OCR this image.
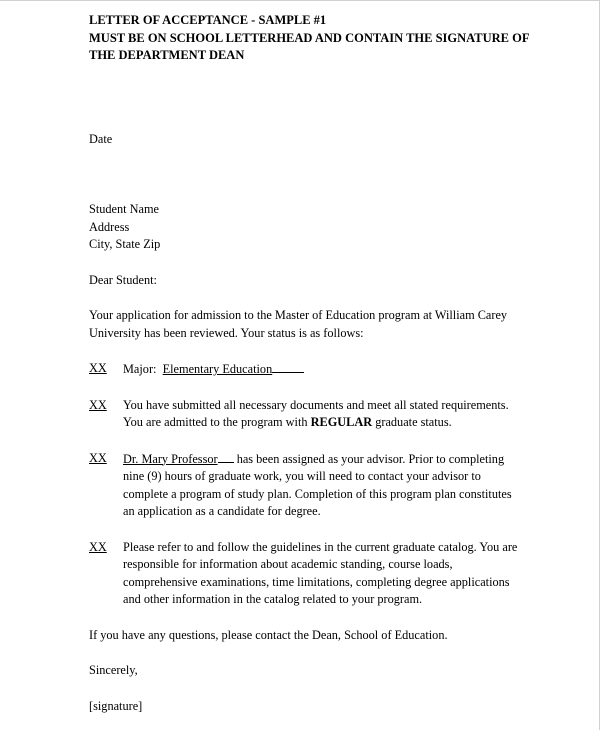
LETTER OF ACCEPTANCE - SAMPLE #1
MUST BE ON SCHOOL LETTERHEAD AND CONTAIN THE SIGNATURE OF
THE DEPARTMENT DEAN

Date

Student Name

Address

City, State Zip

Dear Student:

Your application for admission to the Master of Education program at William Carey

University has been reviewed. Your status is as follows:

XX	Major: Elementary Education
XX	You have submitted all necessary documents and meet all stated requirements.
You are admitted to the program with REGULAR graduate status.
XX	Dr. Mary Professor has been assigned as your advisor. Prior to completing
nine (9) hours of graduate work, you will need to contact your advisor to
complete a program of study plan. Completion of this program plan constitutes
an application as a candidate for degree.
XX	Please refer to and follow the guidelines in the current graduate catalog. You are
responsible for information about academic standing, course loads,
comprehensive examinations, time limitations, completing degree applications
and other information in the catalog related to your program.

If you have any questions, please contact the Dean, School of Education.

Sincerely,

[signature]
